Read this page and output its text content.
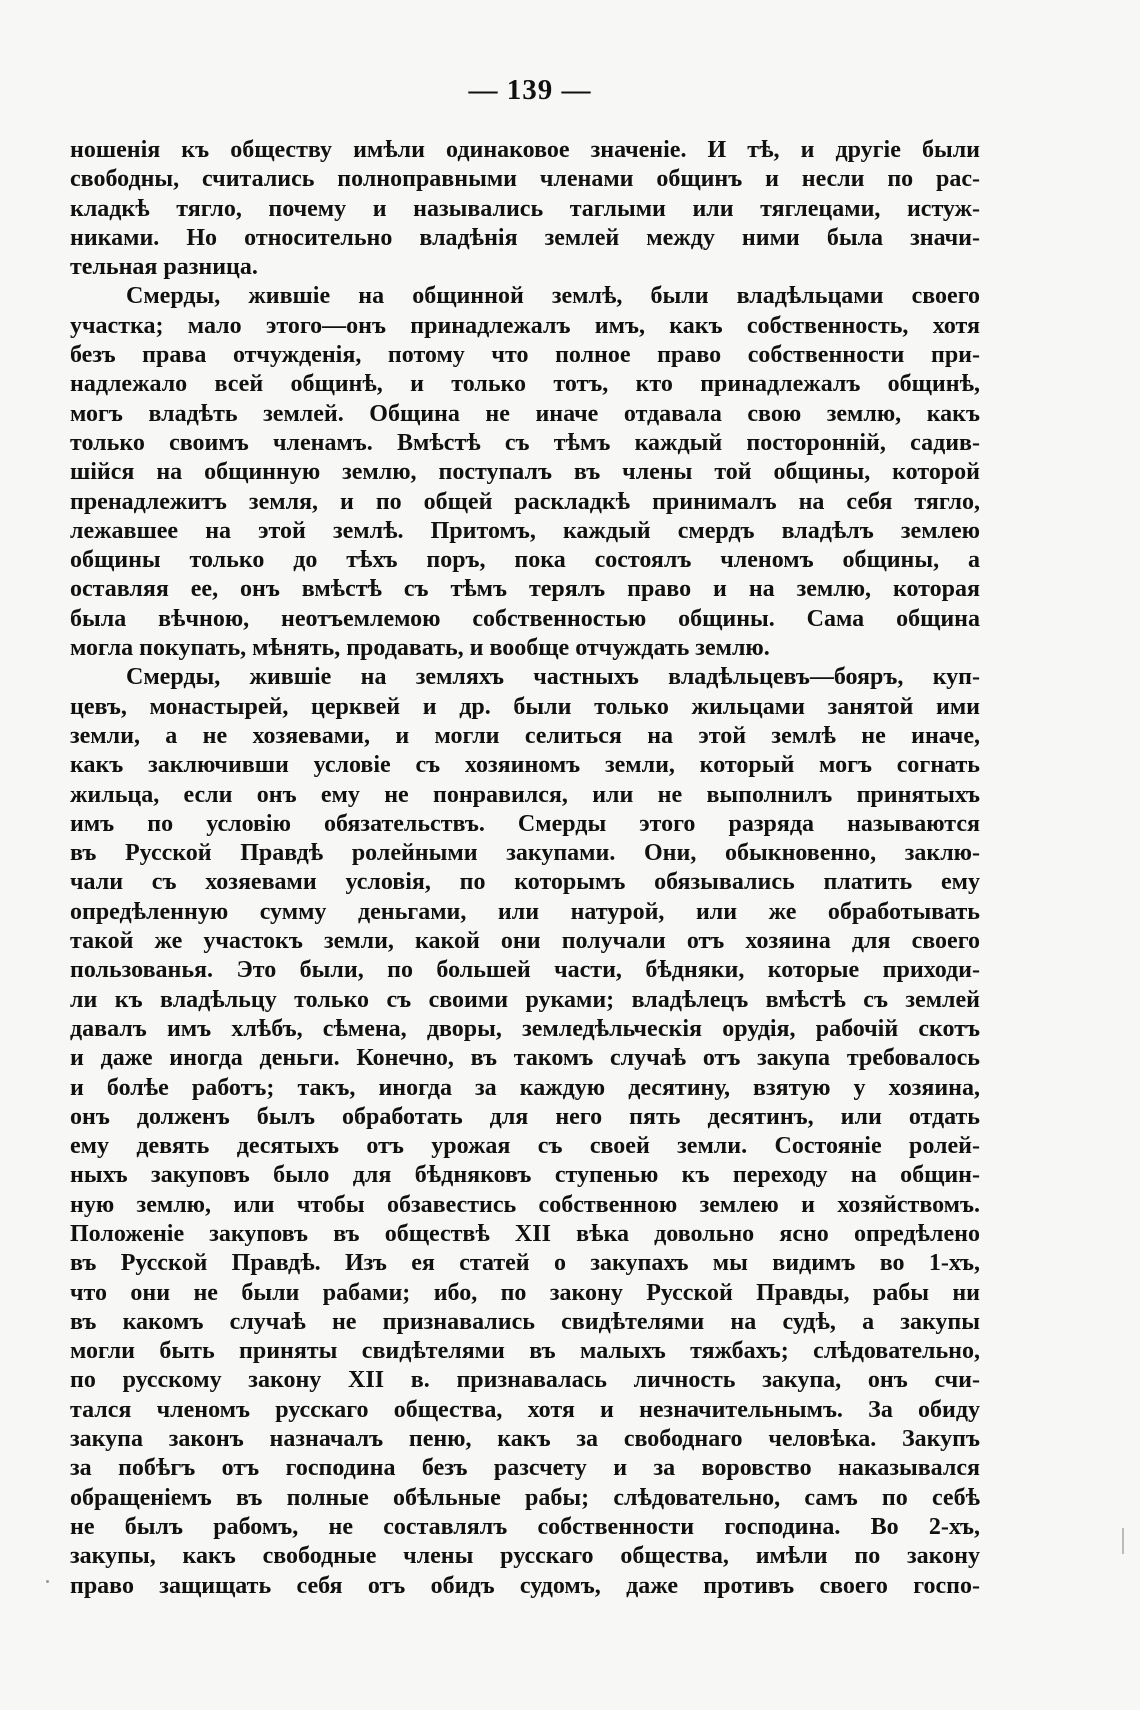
— 139 —
ношенія къ обществу имѣли одинаковое значеніе. И тѣ, и другіе были
свободны, считались полноправными членами общинъ и несли по рас-
кладкѣ тягло, почему и назывались таглыми или тяглецами, истуж-
никами. Но относительно владѣнія землей между ними была значи-
тельная разница.
Смерды, жившіе на общинной землѣ, были владѣльцами своего
участка; мало этого—онъ принадлежалъ имъ, какъ собственность, хотя
безъ права отчужденія, потому что полное право собственности при-
надлежало всей общинѣ, и только тотъ, кто принадлежалъ общинѣ,
могъ владѣть землей. Община не иначе отдавала свою землю, какъ
только своимъ членамъ. Вмѣстѣ съ тѣмъ каждый посторонній, садив-
шійся на общинную землю, поступалъ въ члены той общины, которой
пренадлежитъ земля, и по общей раскладкѣ принималъ на себя тягло,
лежавшее на этой землѣ. Притомъ, каждый смердъ владѣлъ землею
общины только до тѣхъ поръ, пока состоялъ членомъ общины, а
оставляя ее, онъ вмѣстѣ съ тѣмъ терялъ право и на землю, которая
была вѣчною, неотъемлемою собственностью общины. Сама община
могла покупать, мѣнять, продавать, и вообще отчуждать землю.
Смерды, жившіе на земляхъ частныхъ владѣльцевъ—бояръ, куп-
цевъ, монастырей, церквей и др. были только жильцами занятой ими
земли, а не хозяевами, и могли селиться на этой землѣ не иначе,
какъ заключивши условіе съ хозяиномъ земли, который могъ согнать
жильца, если онъ ему не понравился, или не выполнилъ принятыхъ
имъ по условію обязательствъ. Смерды этого разряда называются
въ Русской Правдѣ ролейными закупами. Они, обыкновенно, заклю-
чали съ хозяевами условія, по которымъ обязывались платить ему
опредѣленную сумму деньгами, или натурой, или же обработывать
такой же участокъ земли, какой они получали отъ хозяина для своего
пользованья. Это были, по большей части, бѣдняки, которые приходи-
ли къ владѣльцу только съ своими руками; владѣлецъ вмѣстѣ съ землей
давалъ имъ хлѣбъ, сѣмена, дворы, земледѣльческія орудія, рабочій скотъ
и даже иногда деньги. Конечно, въ такомъ случаѣ отъ закупа требовалось
и болѣе работъ; такъ, иногда за каждую десятину, взятую у хозяина,
онъ долженъ былъ обработать для него пять десятинъ, или отдать
ему девять десятыхъ отъ урожая съ своей земли. Состояніе ролей-
ныхъ закуповъ было для бѣдняковъ ступенью къ переходу на общин-
ную землю, или чтобы обзавестись собственною землею и хозяйствомъ.
Положеніе закуповъ въ обществѣ XII вѣка довольно ясно опредѣлено
въ Русской Правдѣ. Изъ ея статей о закупахъ мы видимъ во 1-хъ,
что они не были рабами; ибо, по закону Русской Правды, рабы ни
въ какомъ случаѣ не признавались свидѣтелями на судѣ, а закупы
могли быть приняты свидѣтелями въ малыхъ тяжбахъ; слѣдовательно,
по русскому закону XII в. признавалась личность закупа, онъ счи-
тался членомъ русскаго общества, хотя и незначительнымъ. За обиду
закупа законъ назначалъ пеню, какъ за свободнаго человѣка. Закупъ
за побѣгъ отъ господина безъ разсчету и за воровство наказывался
обращеніемъ въ полные обѣльные рабы; слѣдовательно, самъ по себѣ
не былъ рабомъ, не составлялъ собственности господина. Во 2-хъ,
закупы, какъ свободные члены русскаго общества, имѣли по закону
право защищать себя отъ обидъ судомъ, даже противъ своего госпо-
